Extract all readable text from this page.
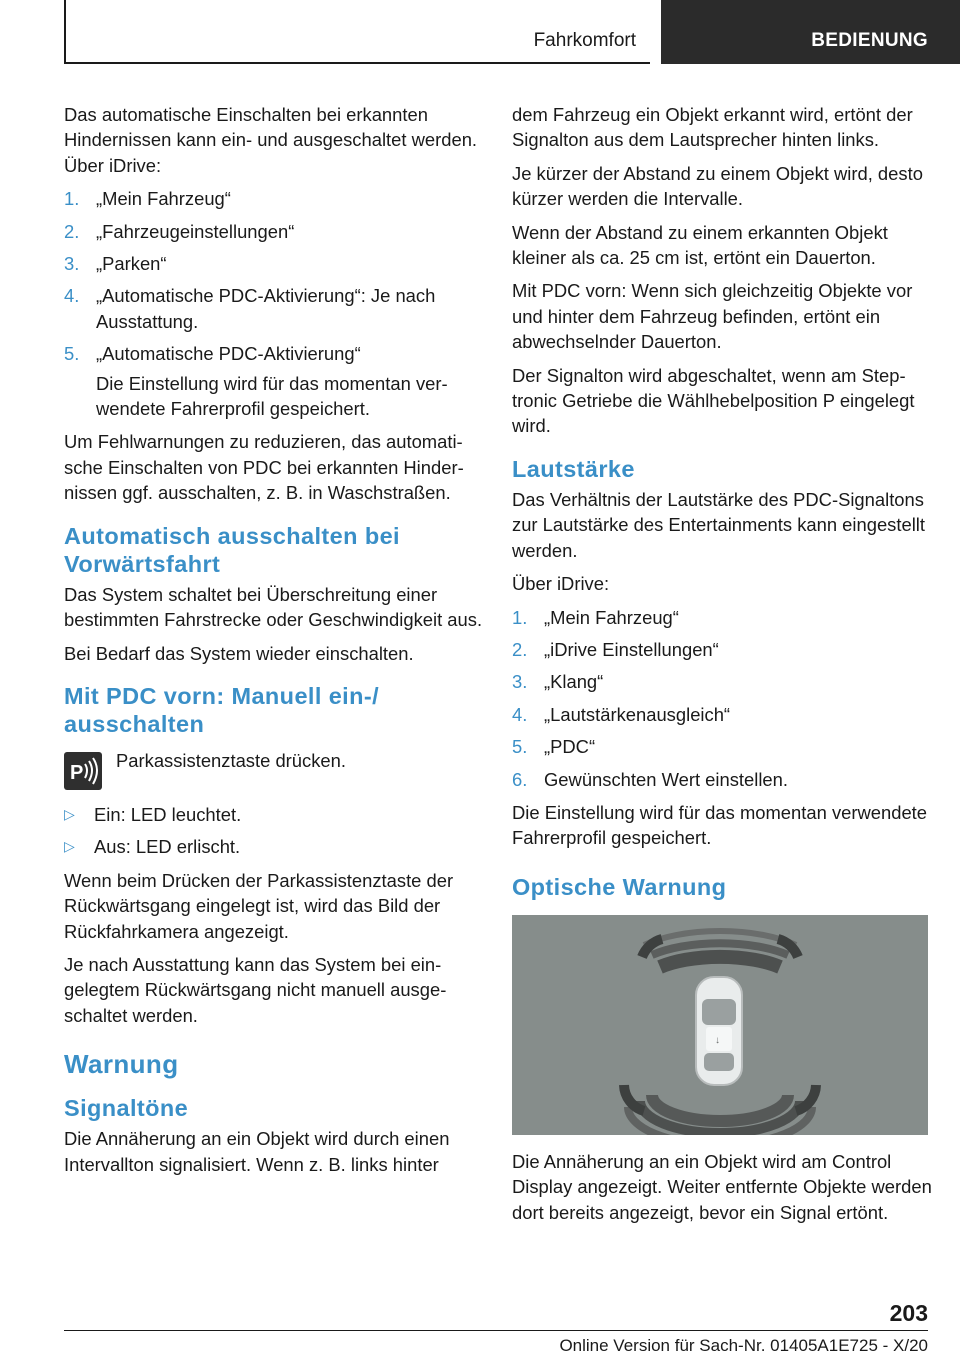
Fahrkomfort	BEDIENUNG

Das automatische Einschalten bei erkannten Hindernissen kann ein- und ausgeschaltet werden. Über iDrive:

1. „Mein Fahrzeug“
2. „Fahrzeugeinstellungen“
3. „Parken“
4. „Automatische PDC-Aktivierung“: Je nach Ausstattung.
5. „Automatische PDC-Aktivierung“
Die Einstellung wird für das momentan verwendete Fahrerprofil gespeichert.

Um Fehlwarnungen zu reduzieren, das automatische Einschalten von PDC bei erkannten Hindernissen ggf. ausschalten, z. B. in Waschstraßen.

Automatisch ausschalten bei Vorwärtsfahrt

Das System schaltet bei Überschreitung einer bestimmten Fahrstrecke oder Geschwindigkeit aus.

Bei Bedarf das System wieder einschalten.

Mit PDC vorn: Manuell ein-/ ausschalten
P
Parkassistenztaste drücken.
▷	Ein: LED leuchtet.
▷	Aus: LED erlischt.

Wenn beim Drücken der Parkassistenztaste der Rückwärtsgang eingelegt ist, wird das Bild der Rückfahrkamera angezeigt.

Je nach Ausstattung kann das System bei eingelegtem Rückwärtsgang nicht manuell ausgeschaltet werden.

Warnung
Signaltöne

Die Annäherung an ein Objekt wird durch einen Intervallton signalisiert. Wenn z. B. links hinter

dem Fahrzeug ein Objekt erkannt wird, ertönt der Signalton aus dem Lautsprecher hinten links.

Je kürzer der Abstand zu einem Objekt wird, desto kürzer werden die Intervalle.

Wenn der Abstand zu einem erkannten Objekt kleiner als ca. 25 cm ist, ertönt ein Dauerton.

Mit PDC vorn: Wenn sich gleichzeitig Objekte vor und hinter dem Fahrzeug befinden, ertönt ein abwechselnder Dauerton.

Der Signalton wird abgeschaltet, wenn am Steptronic Getriebe die Wählhebelposition P eingelegt wird.

Lautstärke

Das Verhältnis der Lautstärke des PDC-Signaltons zur Lautstärke des Entertainments kann eingestellt werden.

Über iDrive:

1. „Mein Fahrzeug“
2. „iDrive Einstellungen“
3. „Klang“
4. „Lautstärkenausgleich“
5. „PDC“
6. Gewünschten Wert einstellen.

Die Einstellung wird für das momentan verwendete Fahrerprofil gespeichert.

Optische Warnung
↓

Die Annäherung an ein Objekt wird am Control Display angezeigt. Weiter entfernte Objekte werden dort bereits angezeigt, bevor ein Signal ertönt.

203
Online Version für Sach-Nr. 01405A1E725 - X/20
